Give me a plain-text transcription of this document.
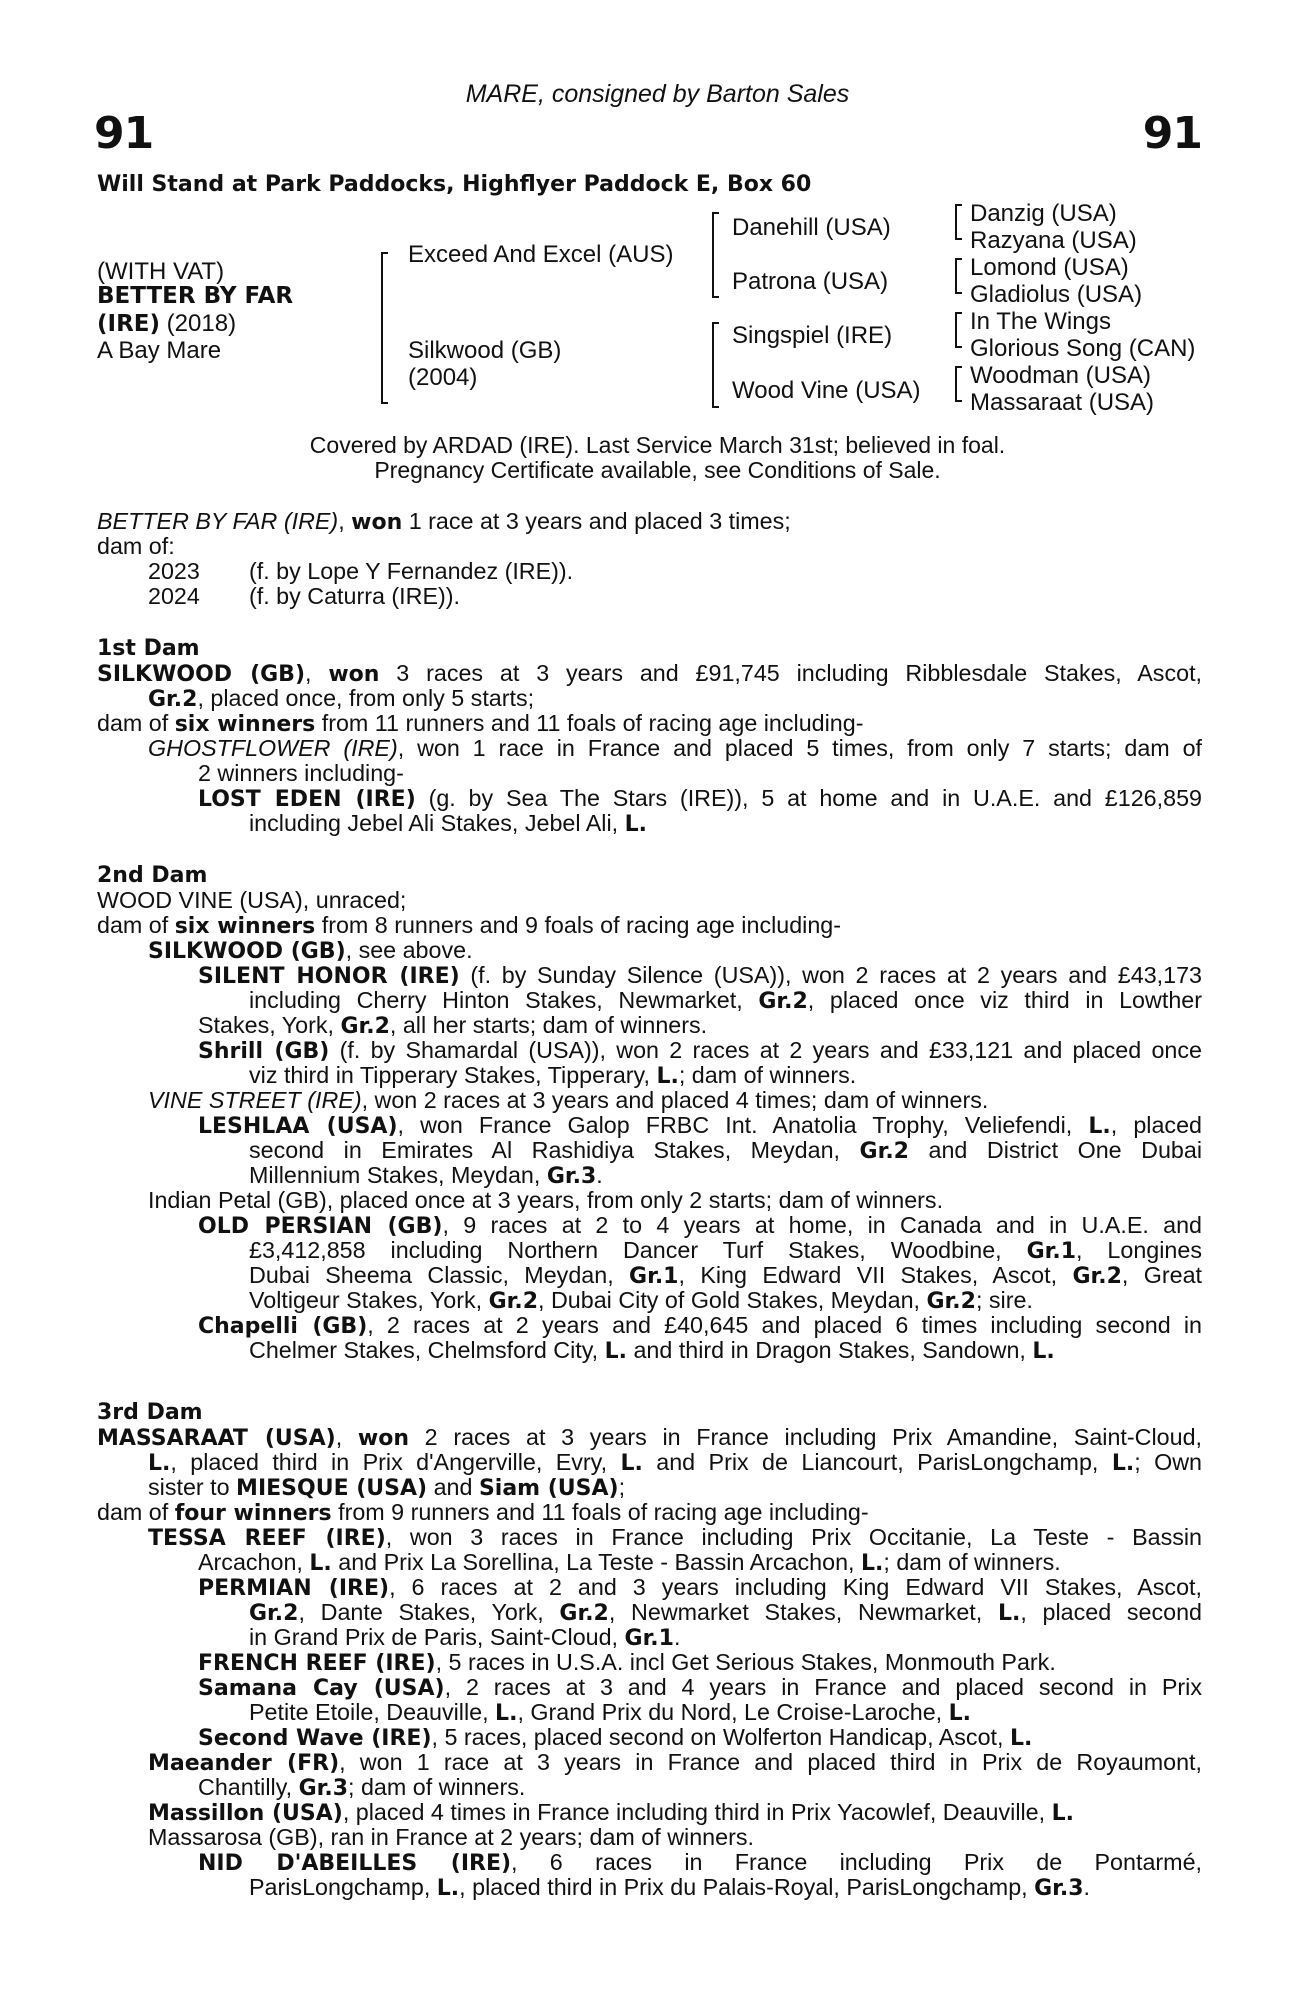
MARE, consigned by Barton Sales
91	91
Will Stand at Park Paddocks, Highflyer Paddock E, Box 60
(WITH VAT)
BETTER BY FAR
(IRE) (2018)
A Bay Mare
Exceed And Excel (AUS)
Silkwood (GB)
(2004)
Danehill (USA)
Patrona (USA)
Singspiel (IRE)
Wood Vine (USA)
Danzig (USA)
Razyana (USA)
Lomond (USA)
Gladiolus (USA)
In The Wings
Glorious Song (CAN)
Woodman (USA)
Massaraat (USA)
Covered by ARDAD (IRE). Last Service March 31st; believed in foal.
Pregnancy Certificate available, see Conditions of Sale.
BETTER BY FAR (IRE), won 1 race at 3 years and placed 3 times;
dam of:
2023 (f. by Lope Y Fernandez (IRE)).
2024 (f. by Caturra (IRE)).
1st Dam
SILKWOOD (GB), won 3 races at 3 years and £91,745 including Ribblesdale Stakes, Ascot,
Gr.2, placed once, from only 5 starts;
dam of six winners from 11 runners and 11 foals of racing age including-
GHOSTFLOWER (IRE), won 1 race in France and placed 5 times, from only 7 starts; dam of
2 winners including-
LOST EDEN (IRE) (g. by Sea The Stars (IRE)), 5 at home and in U.A.E. and £126,859
including Jebel Ali Stakes, Jebel Ali, L.
2nd Dam
WOOD VINE (USA), unraced;
dam of six winners from 8 runners and 9 foals of racing age including-
SILKWOOD (GB), see above.
SILENT HONOR (IRE) (f. by Sunday Silence (USA)), won 2 races at 2 years and £43,173
including Cherry Hinton Stakes, Newmarket, Gr.2, placed once viz third in Lowther
Stakes, York, Gr.2, all her starts; dam of winners.
Shrill (GB) (f. by Shamardal (USA)), won 2 races at 2 years and £33,121 and placed once
viz third in Tipperary Stakes, Tipperary, L.; dam of winners.
VINE STREET (IRE), won 2 races at 3 years and placed 4 times; dam of winners.
LESHLAA (USA), won France Galop FRBC Int. Anatolia Trophy, Veliefendi, L., placed
second in Emirates Al Rashidiya Stakes, Meydan, Gr.2 and District One Dubai
Millennium Stakes, Meydan, Gr.3.
Indian Petal (GB), placed once at 3 years, from only 2 starts; dam of winners.
OLD PERSIAN (GB), 9 races at 2 to 4 years at home, in Canada and in U.A.E. and
£3,412,858 including Northern Dancer Turf Stakes, Woodbine, Gr.1, Longines
Dubai Sheema Classic, Meydan, Gr.1, King Edward VII Stakes, Ascot, Gr.2, Great
Voltigeur Stakes, York, Gr.2, Dubai City of Gold Stakes, Meydan, Gr.2; sire.
Chapelli (GB), 2 races at 2 years and £40,645 and placed 6 times including second in
Chelmer Stakes, Chelmsford City, L. and third in Dragon Stakes, Sandown, L.
3rd Dam
MASSARAAT (USA), won 2 races at 3 years in France including Prix Amandine, Saint-Cloud,
L., placed third in Prix d'Angerville, Evry, L. and Prix de Liancourt, ParisLongchamp, L.; Own
sister to MIESQUE (USA) and Siam (USA);
dam of four winners from 9 runners and 11 foals of racing age including-
TESSA REEF (IRE), won 3 races in France including Prix Occitanie, La Teste - Bassin
Arcachon, L. and Prix La Sorellina, La Teste - Bassin Arcachon, L.; dam of winners.
PERMIAN (IRE), 6 races at 2 and 3 years including King Edward VII Stakes, Ascot,
Gr.2, Dante Stakes, York, Gr.2, Newmarket Stakes, Newmarket, L., placed second
in Grand Prix de Paris, Saint-Cloud, Gr.1.
FRENCH REEF (IRE), 5 races in U.S.A. incl Get Serious Stakes, Monmouth Park.
Samana Cay (USA), 2 races at 3 and 4 years in France and placed second in Prix
Petite Etoile, Deauville, L., Grand Prix du Nord, Le Croise-Laroche, L.
Second Wave (IRE), 5 races, placed second on Wolferton Handicap, Ascot, L.
Maeander (FR), won 1 race at 3 years in France and placed third in Prix de Royaumont,
Chantilly, Gr.3; dam of winners.
Massillon (USA), placed 4 times in France including third in Prix Yacowlef, Deauville, L.
Massarosa (GB), ran in France at 2 years; dam of winners.
NID D'ABEILLES (IRE), 6 races in France including Prix de Pontarmé,
ParisLongchamp, L., placed third in Prix du Palais-Royal, ParisLongchamp, Gr.3.
